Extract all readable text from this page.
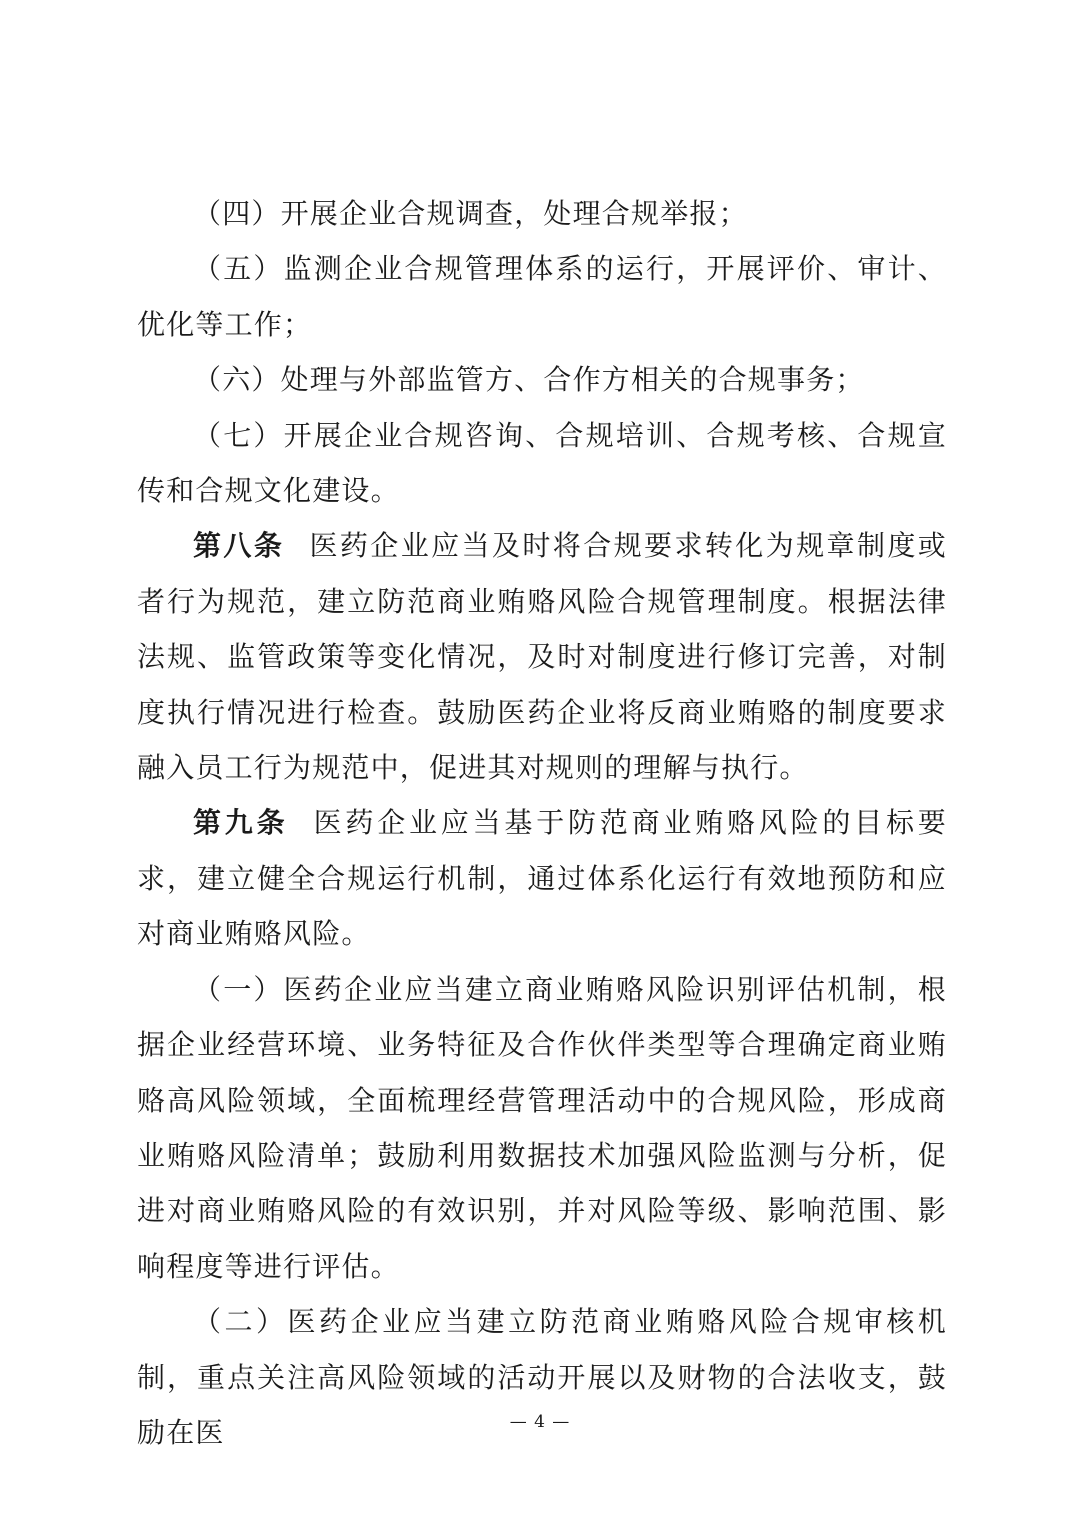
（四）开展企业合规调查，处理合规举报；

（五）监测企业合规管理体系的运行，开展评价、审计、优化等工作；

（六）处理与外部监管方、合作方相关的合规事务；

（七）开展企业合规咨询、合规培训、合规考核、合规宣传和合规文化建设。

第八条 医药企业应当及时将合规要求转化为规章制度或者行为规范，建立防范商业贿赂风险合规管理制度。根据法律法规、监管政策等变化情况，及时对制度进行修订完善，对制度执行情况进行检查。鼓励医药企业将反商业贿赂的制度要求融入员工行为规范中，促进其对规则的理解与执行。

第九条 医药企业应当基于防范商业贿赂风险的目标要求，建立健全合规运行机制，通过体系化运行有效地预防和应对商业贿赂风险。

（一）医药企业应当建立商业贿赂风险识别评估机制，根据企业经营环境、业务特征及合作伙伴类型等合理确定商业贿赂高风险领域，全面梳理经营管理活动中的合规风险，形成商业贿赂风险清单；鼓励利用数据技术加强风险监测与分析，促进对商业贿赂风险的有效识别，并对风险等级、影响范围、影响程度等进行评估。

（二）医药企业应当建立防范商业贿赂风险合规审核机制，重点关注高风险领域的活动开展以及财物的合法收支，鼓励在医	— 4 —
